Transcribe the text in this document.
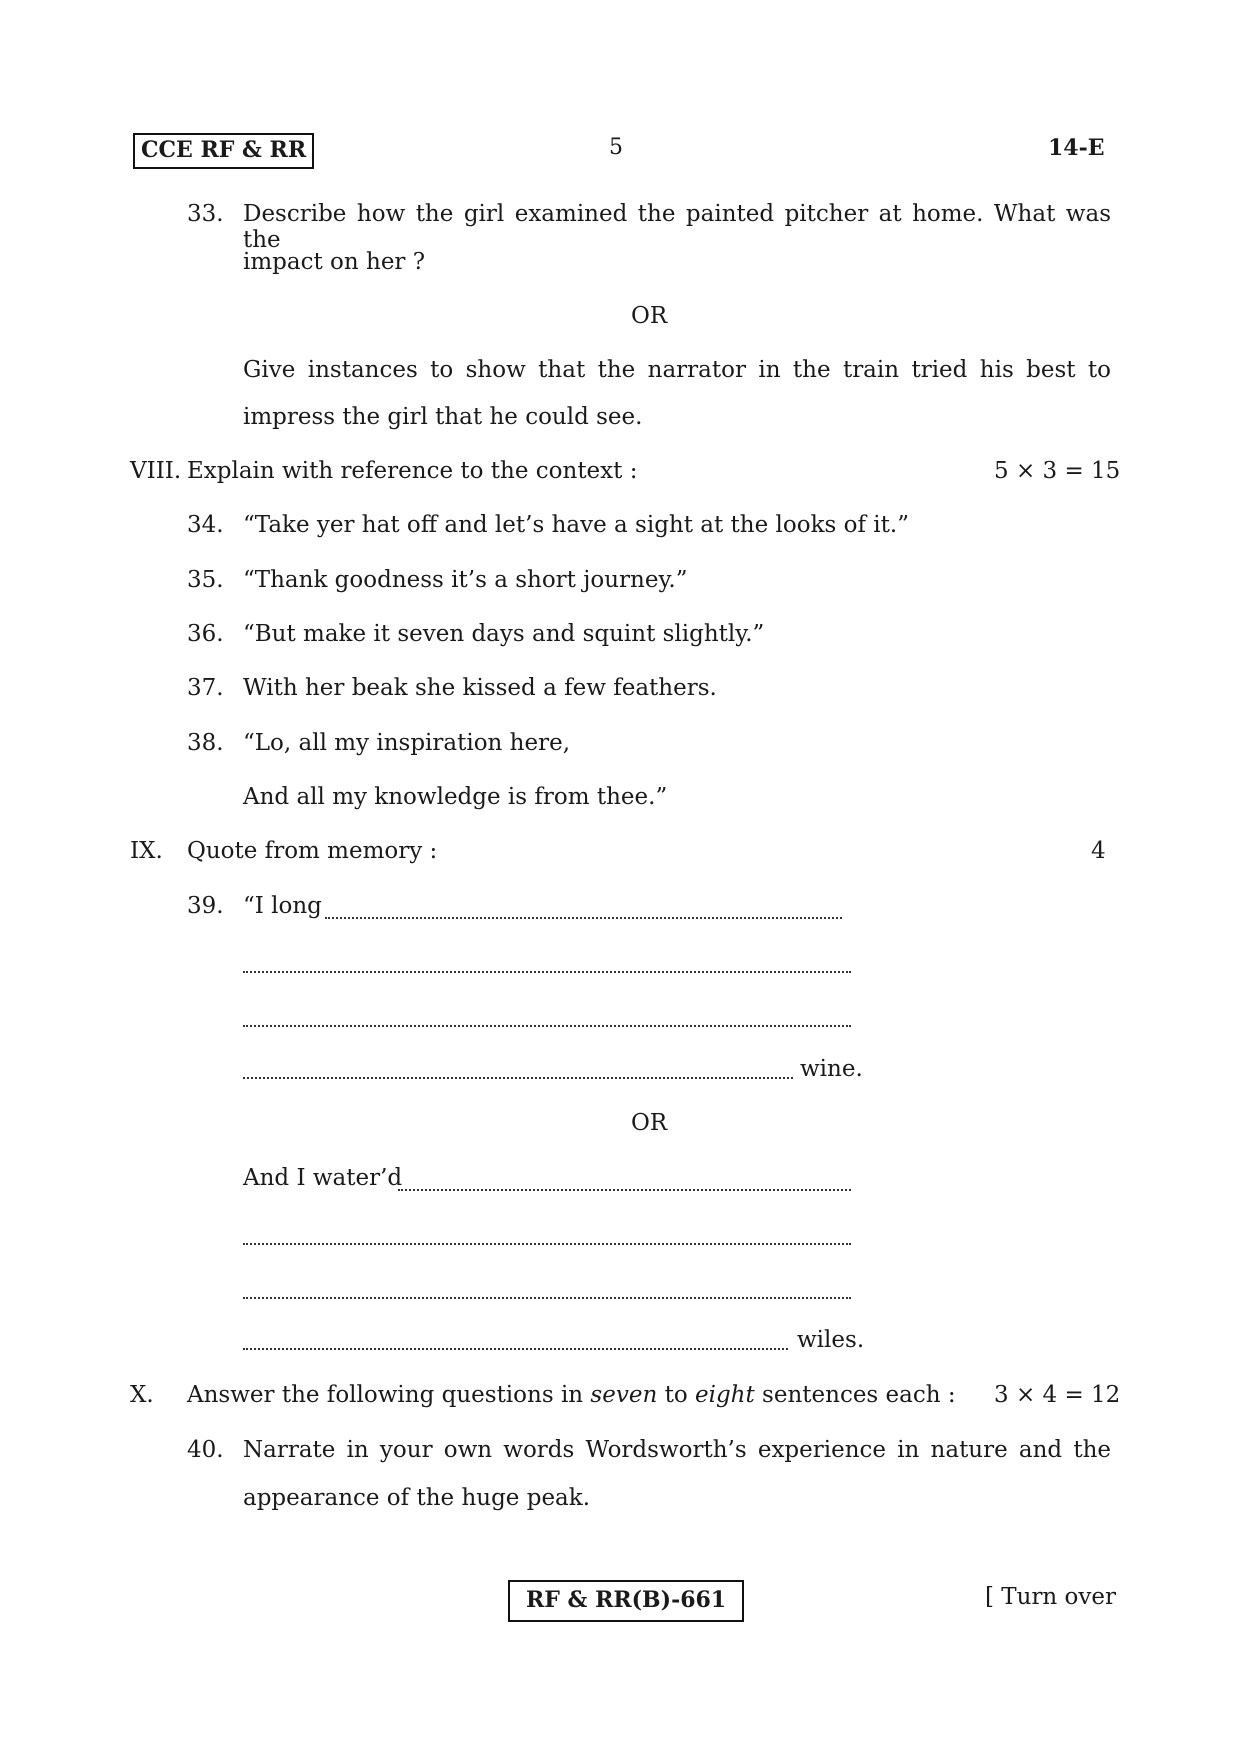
CCE RF & RR	5	14-E
33. Describe how the girl examined the painted pitcher at home. What was the
impact on her ?
OR
Give instances to show that the narrator in the train tried his best to
impress the girl that he could see.
VIII. Explain with reference to the context :	5 × 3 = 15
34. “Take yer hat off and let’s have a sight at the looks of it.”
35. “Thank goodness it’s a short journey.”
36. “But make it seven days and squint slightly.”
37. With her beak she kissed a few feathers.
38. “Lo, all my inspiration here,
And all my knowledge is from thee.”
IX. Quote from memory :	4
39. “I long
wine.
OR
And I water’d
wiles.
X. Answer the following questions in seven to eight sentences each : 3 × 4 = 12
40. Narrate in your own words Wordsworth’s experience in nature and the
appearance of the huge peak.
RF & RR(B)-661	[ Turn over
